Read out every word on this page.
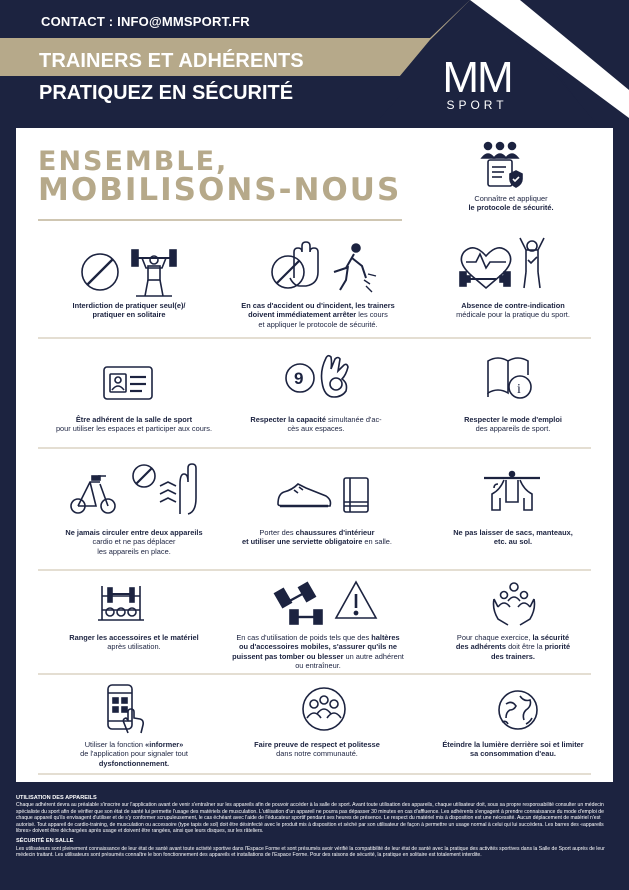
CONTACT : INFO@MMSPORT.FR
TRAINERS ET ADHÉRENTS
PRATIQUEZ EN SÉCURITÉ	MM
SPORT
ENSEMBLE,
MOBILISONS-NOUS
9
i
Connaître et appliquer
le protocole de sécurité.
Interdiction de pratiquer seul(e)/
pratiquer en solitaire
En cas d'accident ou d'incident, les trainers
doivent immédiatement arrêter les cours
et appliquer le protocole de sécurité.
Absence de contre-indication
médicale pour la pratique du sport.
Être adhérent de la salle de sport
pour utiliser les espaces et participer aux cours.
Respecter la capacité simultanée d'ac-
cès aux espaces.
Respecter le mode d'emploi
des appareils de sport.
Ne jamais circuler entre deux appareils
cardio et ne pas déplacer
les appareils en place.
Porter des chaussures d'intérieur
et utiliser une serviette obligatoire en salle.
Ne pas laisser de sacs, manteaux,
etc. au sol.
Ranger les accessoires et le matériel
après utilisation.
En cas d'utilisation de poids tels que des haltères
ou d'accessoires mobiles, s'assurer qu'ils ne
puissent pas tomber ou blesser un autre adhérent
ou entraîneur.
Pour chaque exercice, la sécurité
des adhérents doit être la priorité
des trainers.
Utiliser la fonction «informer»
de l'application pour signaler tout
dysfonctionnement.
Faire preuve de respect et politesse
dans notre communauté.
Éteindre la lumière derrière soi et limiter
sa consommation d'eau.
UTILISATION DES APPAREILS
Chaque adhérent devra au préalable s'inscrire sur l'application avant de venir s'entraîner sur les appareils afin de pouvoir accéder à la salle de sport. Avant toute utilisation des appareils, chaque utilisateur doit, sous sa propre responsabilité consulter un médecin spécialiste du sport afin de vérifier que son état de santé lui permette l'usage des matériels de musculation. L'utilisation d'un appareil ne pourra pas dépasser 30 minutes en cas d'affluence. Les adhérents s'engagent à prendre connaissance du mode d'emploi de chaque appareil qu'ils envisagent d'utiliser et de s'y conformer scrupuleusement, le cas échéant avec l'aide de l'éducateur sportif pendant ses heures de présence. Le respect du matériel mis à disposition est une nécessité. Aucun déplacement de matériel n'est autorisé. Tout appareil de cardio-training, de musculation ou accessoire (type tapis de sol) doit être désinfecté avec le produit mis à disposition et séché par son utilisateur de façon à permettre un usage normal à celui qui lui succédera. Les barres des «appareils libres» doivent être déchargées après usage et doivent être rangées, ainsi que leurs disques, sur les râteliers.
SÉCURITÉ EN SALLE
Les utilisateurs sont pleinement connaissance de leur état de santé avant toute activité sportive dans l'Espace Forme et sont présumés avoir vérifié la compatibilité de leur état de santé avec la pratique des activités sportives dans la Salle de Sport auprès de leur médecin traitant. Les utilisateurs sont présumés connaître le bon fonctionnement des appareils et installations de l'Espace Forme. Pour des raisons de sécurité, la pratique en solitaire est totalement interdite.
